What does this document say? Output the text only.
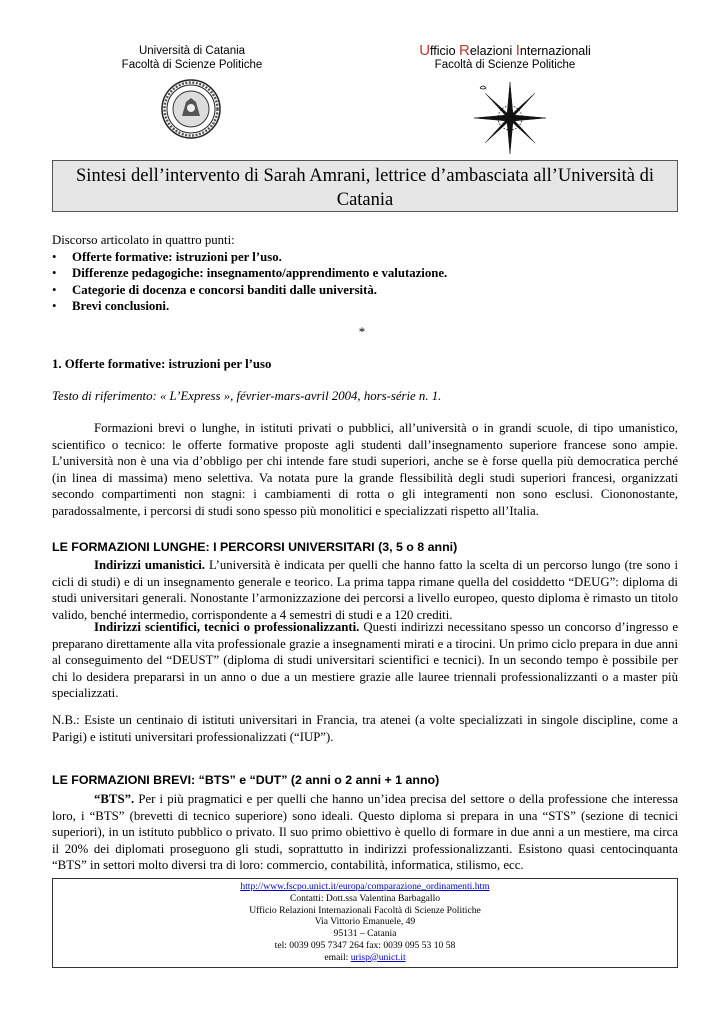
Università di Catania
Facoltà di Scienze Politiche
Ufficio Relazioni Internazionali
Facoltà di Scienze Politiche
Sintesi dell’intervento di Sarah Amrani, lettrice d’ambasciata all’Università di Catania
Discorso articolato in quattro punti:
• Offerte formative: istruzioni per l’uso.
• Differenze pedagogiche: insegnamento/apprendimento e valutazione.
• Categorie di docenza e concorsi banditi dalle università.
• Brevi conclusioni.
*
1. Offerte formative: istruzioni per l’uso
Testo di riferimento: « L’Express », février-mars-avril 2004, hors-série n. 1.
Formazioni brevi o lunghe, in istituti privati o pubblici, all’università o in grandi scuole, di tipo umanistico, scientifico o tecnico: le offerte formative proposte agli studenti dall’insegnamento superiore francese sono ampie. L’università non è una via d’obbligo per chi intende fare studi superiori, anche se è forse quella più democratica perché (in linea di massima) meno selettiva. Va notata pure la grande flessibilità degli studi superiori francesi, organizzati secondo compartimenti non stagni: i cambiamenti di rotta o gli integramenti non sono esclusi. Ciononostante, paradossalmente, i percorsi di studi sono spesso più monolitici e specializzati rispetto all’Italia.
LE FORMAZIONI LUNGHE: I PERCORSI UNIVERSITARI (3, 5 o 8 anni)
Indirizzi umanistici. L’università è indicata per quelli che hanno fatto la scelta di un percorso lungo (tre sono i cicli di studi) e di un insegnamento generale e teorico. La prima tappa rimane quella del cosiddetto “DEUG”: diploma di studi universitari generali. Nonostante l’armonizzazione dei percorsi a livello europeo, questo diploma è rimasto un titolo valido, benché intermedio, corrispondente a 4 semestri di studi e a 120 crediti.
Indirizzi scientifici, tecnici o professionalizzanti. Questi indirizzi necessitano spesso un concorso d’ingresso e preparano direttamente alla vita professionale grazie a insegnamenti mirati e a tirocini. Un primo ciclo prepara in due anni al conseguimento del “DEUST” (diploma di studi universitari scientifici e tecnici). In un secondo tempo è possibile per chi lo desidera prepararsi in un anno o due a un mestiere grazie alle lauree triennali professionalizzanti o a master più specializzati.
N.B.: Esiste un centinaio di istituti universitari in Francia, tra atenei (a volte specializzati in singole discipline, come a Parigi) e istituti universitari professionalizzati (“IUP”).
LE FORMAZIONI BREVI: “BTS” e “DUT” (2 anni o 2 anni + 1 anno)
“BTS”. Per i più pragmatici e per quelli che hanno un’idea precisa del settore o della professione che interessa loro, i “BTS” (brevetti di tecnico superiore) sono ideali. Questo diploma si prepara in una “STS” (sezione di tecnici superiori), in un istituto pubblico o privato. Il suo primo obiettivo è quello di formare in due anni a un mestiere, ma circa il 20% dei diplomati proseguono gli studi, soprattutto in indirizzi professionalizzanti. Esistono quasi centocinquanta “BTS” in settori molto diversi tra di loro: commercio, contabilità, informatica, stilismo, ecc.
http://www.fscpo.unict.it/europa/comparazione_ordinamenti.htm
Contatti: Dott.ssa Valentina Barbagallo
Ufficio Relazioni Internazionali Facoltà di Scienze Politiche
Via Vittorio Emanuele, 49
95131 – Catania
tel: 0039 095 7347 264 fax: 0039 095 53 10 58
email: urisp@unict.it
